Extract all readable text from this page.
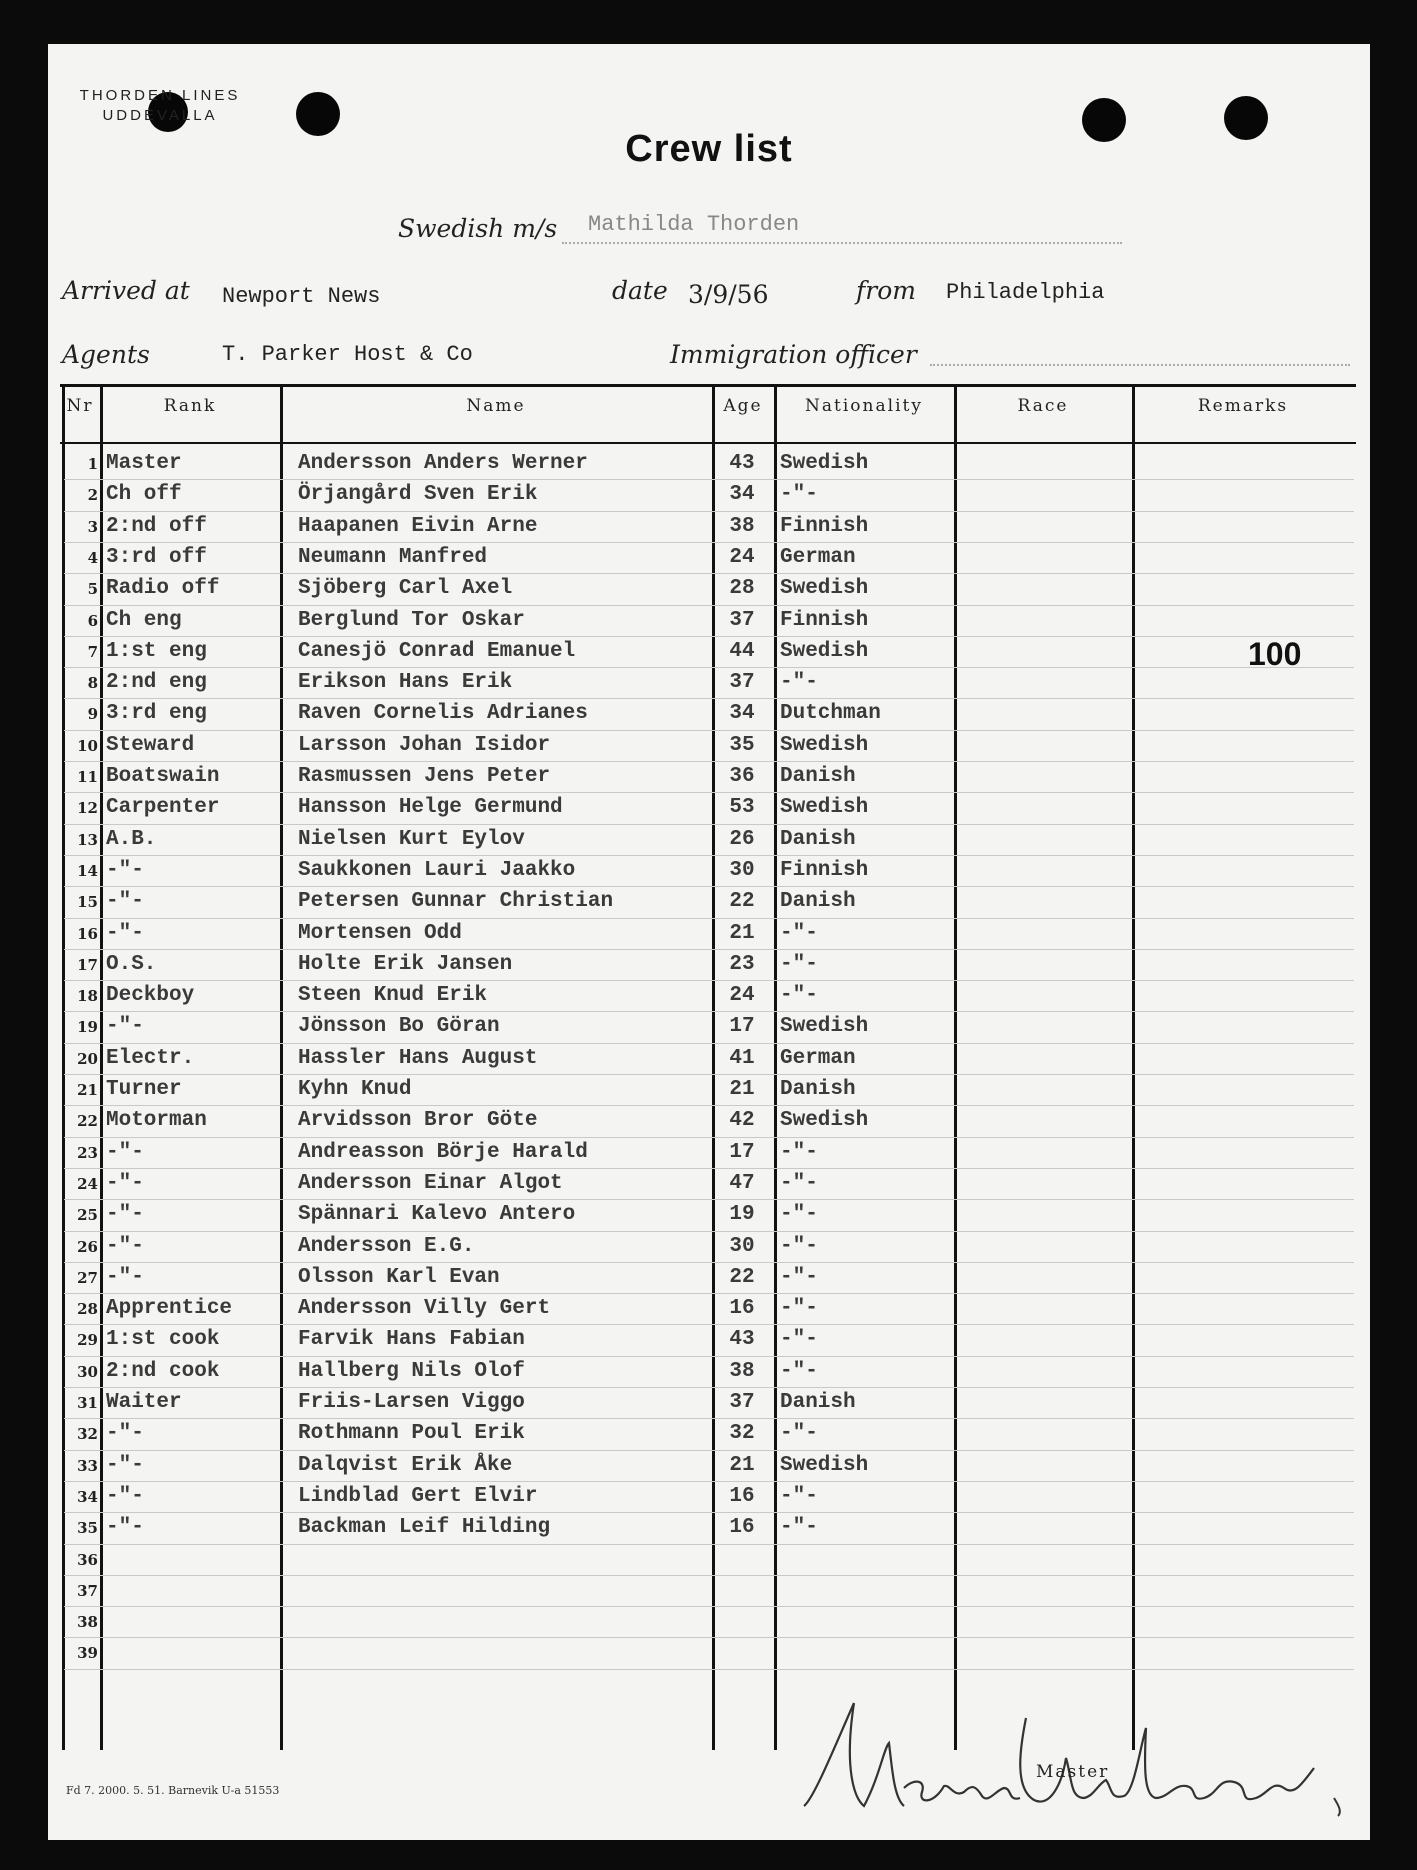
THORDEN LINES
UDDEVALLA
Crew list
Swedish m/s Mathilda Thorden
Arrived at Newport News	date 3/9/56	from Philadelphia
Agents	T. Parker Host & Co	Immigration officer
Nr	Rank	Name	Age	Nationality	Race	Remarks
1 Master	Andersson Anders Werner	43	Swedish
2 Ch off	Örjangård Sven Erik	34	-"-
3 2:nd off	Haapanen Eivin Arne	38	Finnish
4 3:rd off	Neumann Manfred	24	German
5 Radio off	Sjöberg Carl Axel	28	Swedish
6 Ch eng	Berglund Tor Oskar	37	Finnish
7 1:st eng	Canesjö Conrad Emanuel	44	Swedish
8 2:nd eng	Erikson Hans Erik	37	-"-
9 3:rd eng	Raven Cornelis Adrianes	34	Dutchman
10 Steward	Larsson Johan Isidor	35	Swedish
11 Boatswain	Rasmussen Jens Peter	36	Danish
12 Carpenter	Hansson Helge Germund	53	Swedish
13 A.B.	Nielsen Kurt Eylov	26	Danish
14 -"-	Saukkonen Lauri Jaakko	30	Finnish
15 -"-	Petersen Gunnar Christian	22	Danish
16 -"-	Mortensen Odd	21	-"-
17 O.S.	Holte Erik Jansen	23	-"-
18 Deckboy	Steen Knud Erik	24	-"-
19 -"-	Jönsson Bo Göran	17	Swedish
20 Electr.	Hassler Hans August	41	German
21 Turner	Kyhn Knud	21	Danish
22 Motorman	Arvidsson Bror Göte	42	Swedish
23 -"-	Andreasson Börje Harald	17	-"-
24 -"-	Andersson Einar Algot	47	-"-
25 -"-	Spännari Kalevo Antero	19	-"-
26 -"-	Andersson E.G.	30	-"-
27 -"-	Olsson Karl Evan	22	-"-
28 Apprentice	Andersson Villy Gert	16	-"-
29 1:st cook	Farvik Hans Fabian	43	-"-
30 2:nd cook	Hallberg Nils Olof	38	-"-
31 Waiter	Friis-Larsen Viggo	37	Danish
32 -"-	Rothmann Poul Erik	32	-"-
33 -"-	Dalqvist Erik Åke	21	Swedish
34 -"-	Lindblad Gert Elvir	16	-"-
35 -"-	Backman Leif Hilding	16	-"-
36
37
38
39
100
Master
Fd 7. 2000. 5. 51. Barnevik U-a 51553
